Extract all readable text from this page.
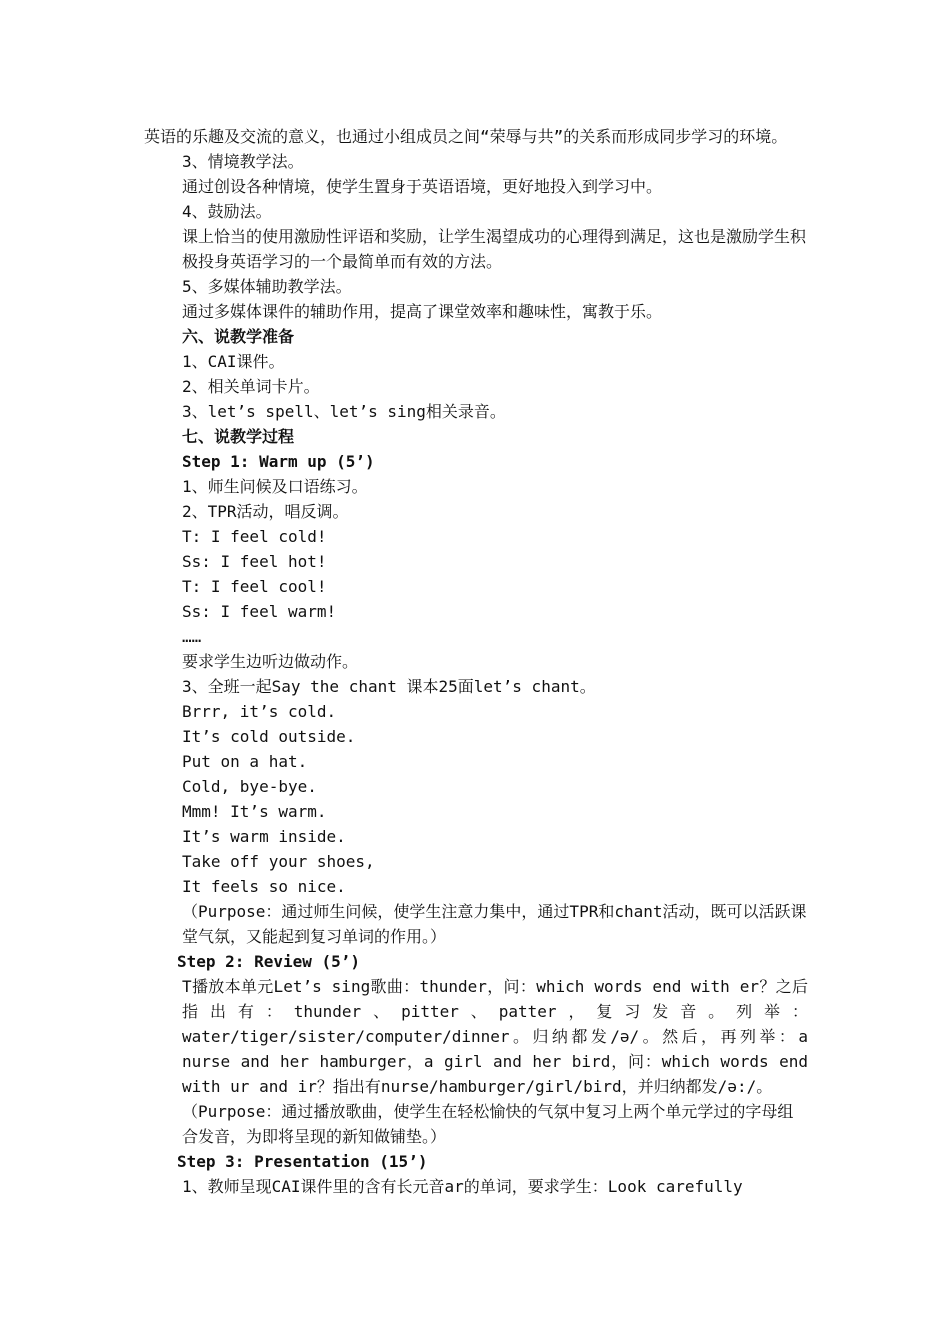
英语的乐趣及交流的意义，也通过小组成员之间“荣辱与共”的关系而形成同步学习的环境。
3、情境教学法。
通过创设各种情境，使学生置身于英语语境，更好地投入到学习中。
4、鼓励法。
课上恰当的使用激励性评语和奖励，让学生渴望成功的心理得到满足，这也是激励学生积极投身英语学习的一个最简单而有效的方法。
5、多媒体辅助教学法。
通过多媒体课件的辅助作用，提高了课堂效率和趣味性，寓教于乐。
六、说教学准备
1、CAI课件。
2、相关单词卡片。
3、let’s spell、let’s sing相关录音。
七、说教学过程
Step 1: Warm up (5’)
1、师生问候及口语练习。
2、TPR活动，唱反调。
T: I feel cold!
Ss: I feel hot!
T: I feel cool!
Ss: I feel warm!
……
要求学生边听边做动作。
3、全班一起Say the chant 课本25面let’s chant。
Brrr, it’s cold.
It’s cold outside.
Put on a hat.
Cold, bye-bye.
Mmm! It’s warm.
It’s warm inside.
Take off your shoes,
It feels so nice.
（Purpose：通过师生问候，使学生注意力集中，通过TPR和chant活动，既可以活跃课堂气氛，又能起到复习单词的作用。）
Step 2: Review (5’)
T播放本单元Let’s sing歌曲：thunder，问：which words end with er？之后指出有：thunder、pitter、patter，复习发音。列举：water/tiger/sister/computer/dinner。归纳都发/ə/。然后，再列举：a nurse and her hamburger，a girl and her bird，问：which words end with ur and ir？指出有nurse/hamburger/girl/bird，并归纳都发/ə:/。
（Purpose：通过播放歌曲，使学生在轻松愉快的气氛中复习上两个单元学过的字母组合发音，为即将呈现的新知做铺垫。）
Step 3: Presentation (15’)
1、教师呈现CAI课件里的含有长元音ar的单词，要求学生：Look carefully
